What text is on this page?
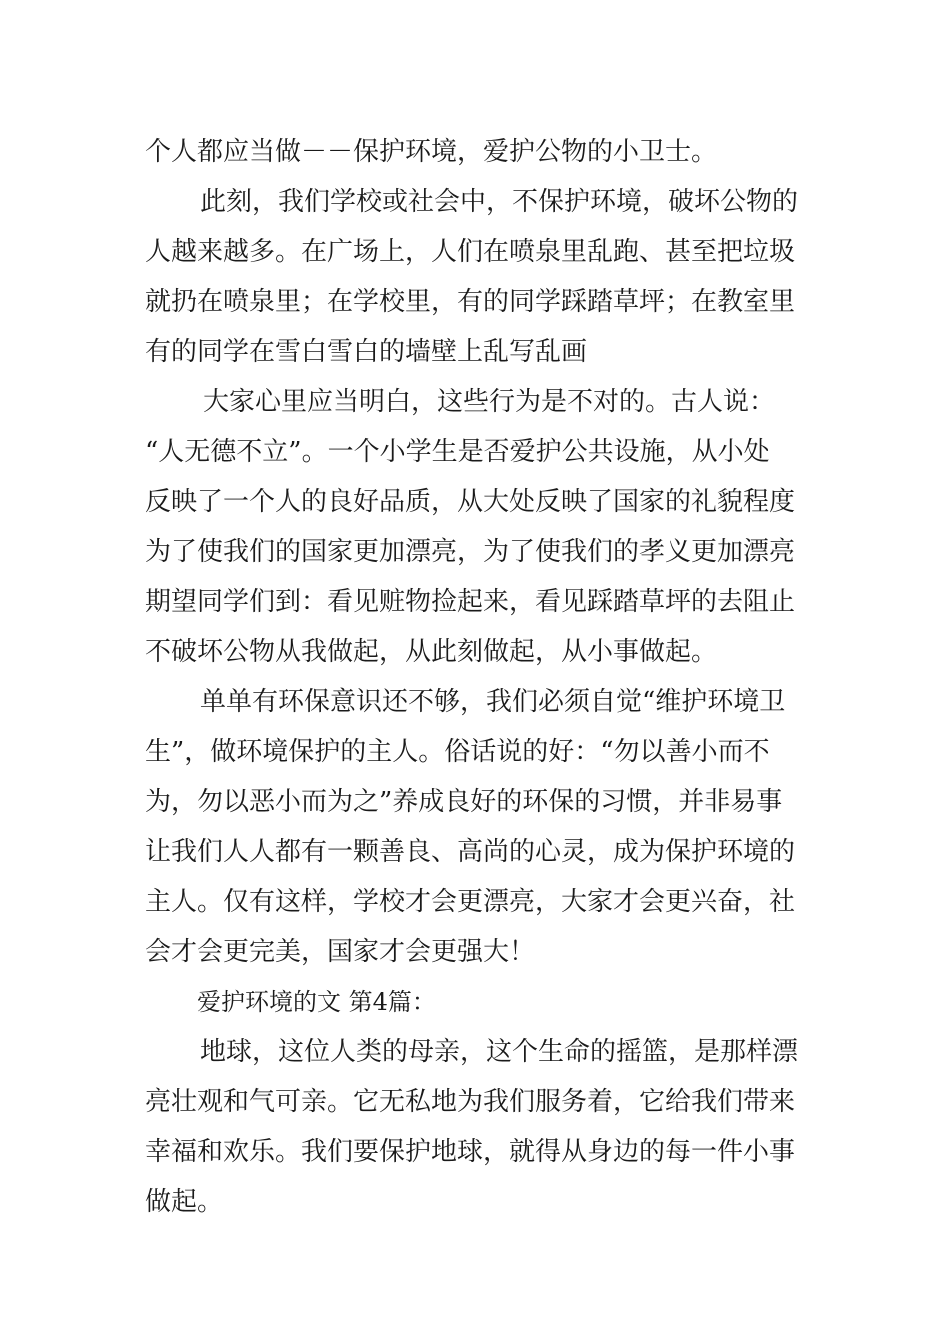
个人都应当做－－保护环境，爱护公物的小卫士。
此刻，我们学校或社会中，不保护环境，破坏公物的
人越来越多。在广场上，人们在喷泉里乱跑、甚至把垃圾
就扔在喷泉里；在学校里，有的同学踩踏草坪；在教室里
有的同学在雪白雪白的墙壁上乱写乱画
大家心里应当明白，这些行为是不对的。古人说：
“人无德不立”。一个小学生是否爱护公共设施，从小处
反映了一个人的良好品质，从大处反映了国家的礼貌程度
为了使我们的国家更加漂亮，为了使我们的孝义更加漂亮
期望同学们到：看见赃物捡起来，看见踩踏草坪的去阻止
不破坏公物从我做起，从此刻做起，从小事做起。
单单有环保意识还不够，我们必须自觉“维护环境卫
生”，做环境保护的主人。俗话说的好：“勿以善小而不
为，勿以恶小而为之”养成良好的环保的习惯，并非易事
让我们人人都有一颗善良、高尚的心灵，成为保护环境的
主人。仅有这样，学校才会更漂亮，大家才会更兴奋，社
会才会更完美，国家才会更强大！
爱护环境的文 第4篇：
地球，这位人类的母亲，这个生命的摇篮，是那样漂
亮壮观和气可亲。它无私地为我们服务着，它给我们带来
幸福和欢乐。我们要保护地球，就得从身边的每一件小事
做起。
